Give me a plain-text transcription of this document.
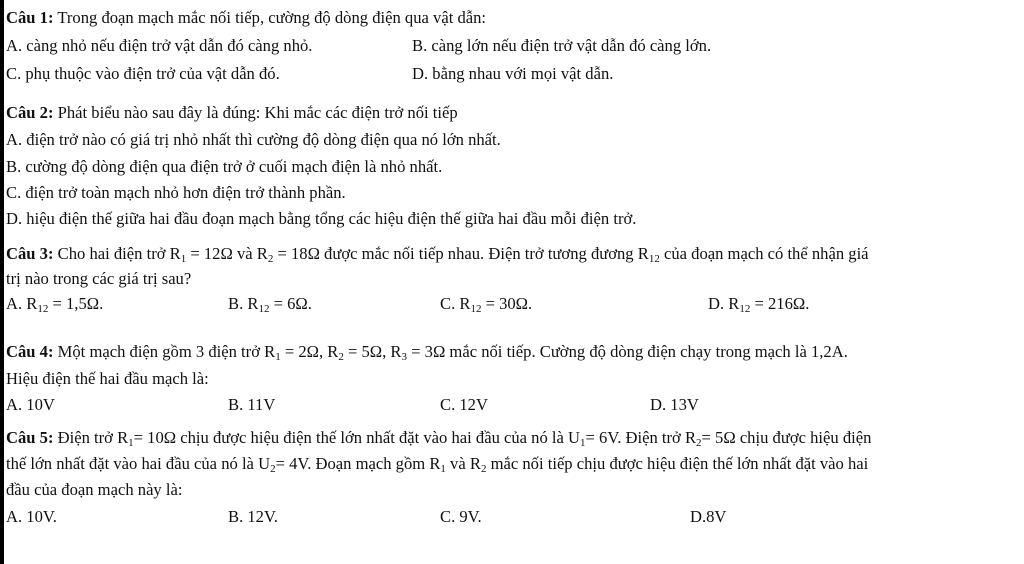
Câu 1: Trong đoạn mạch mắc nối tiếp, cường độ dòng điện qua vật dẫn:
A. càng nhỏ nếu điện trở vật dẫn đó càng nhỏ.	B. càng lớn nếu điện trở vật dẫn đó càng lớn.
C. phụ thuộc vào điện trở của vật dẫn đó.	D. bằng nhau với mọi vật dẫn.
Câu 2: Phát biểu nào sau đây là đúng: Khi mắc các điện trở nối tiếp
A. điện trở nào có giá trị nhỏ nhất thì cường độ dòng điện qua nó lớn nhất.
B. cường độ dòng điện qua điện trở ở cuối mạch điện là nhỏ nhất.
C. điện trở toàn mạch nhỏ hơn điện trở thành phần.
D. hiệu điện thế giữa hai đầu đoạn mạch bằng tổng các hiệu điện thế giữa hai đầu mỗi điện trở.
Câu 3: Cho hai điện trở $R_1 = 12\Omega$ và $R_2 = 18\Omega$ được mắc nối tiếp nhau. Điện trở tương đương $R_{12}$ của đoạn mạch có thể nhận giá
trị nào trong các giá trị sau?
A. $R_{12} = 1,5\Omega$.	B. $R_{12} = 6\Omega$.	C. $R_{12} = 30\Omega$.	D. $R_{12} = 216\Omega$.
Câu 4: Một mạch điện gồm 3 điện trở $R_1 = 2\Omega$, $R_2 = 5\Omega$, $R_3 = 3\Omega$ mắc nối tiếp. Cường độ dòng điện chạy trong mạch là 1,2A.
Hiệu điện thế hai đầu mạch là:
A. 10V	B. 11V	C. 12V	D. 13V
Câu 5: Điện trở $R_1= 10\Omega$ chịu được hiệu điện thế lớn nhất đặt vào hai đầu của nó là $U_1= 6V$. Điện trở $R_2= 5\Omega$ chịu được hiệu điện
thế lớn nhất đặt vào hai đầu của nó là $U_2= 4V$. Đoạn mạch gồm $R_1$ và $R_2$ mắc nối tiếp chịu được hiệu điện thế lớn nhất đặt vào hai
đầu của đoạn mạch này là:
A. 10V.	B. 12V.	C. 9V.	D.8V
